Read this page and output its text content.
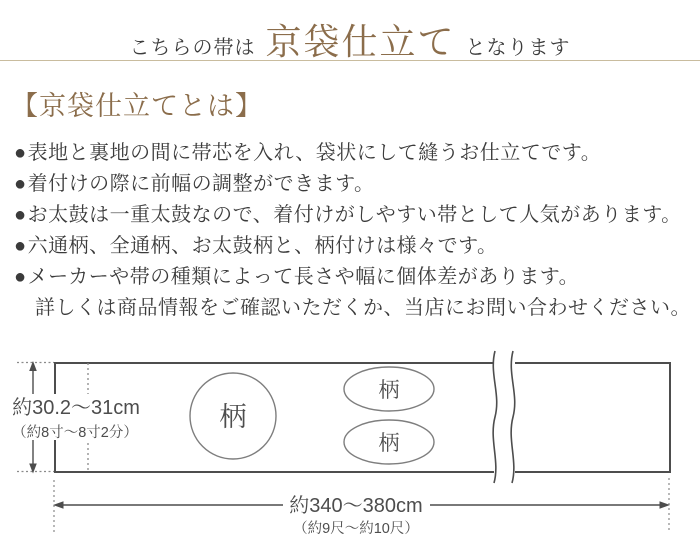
こちらの帯は 京袋仕立て となります
【京袋仕立てとは】
●表地と裏地の間に帯芯を入れ、袋状にして縫うお仕立てです。
●着付けの際に前幅の調整ができます。
●お太鼓は一重太鼓なので、着付けがしやすい帯として人気があります。
●六通柄、全通柄、お太鼓柄と、柄付けは様々です。
●メーカーや帯の種類によって長さや幅に個体差があります。

詳しくは商品情報をご確認いただくか、当店にお問い合わせください。

約30.2〜31cm
（約8寸〜8寸2分）
柄
柄
柄
約340〜380cm
（約9尺〜約10尺）
